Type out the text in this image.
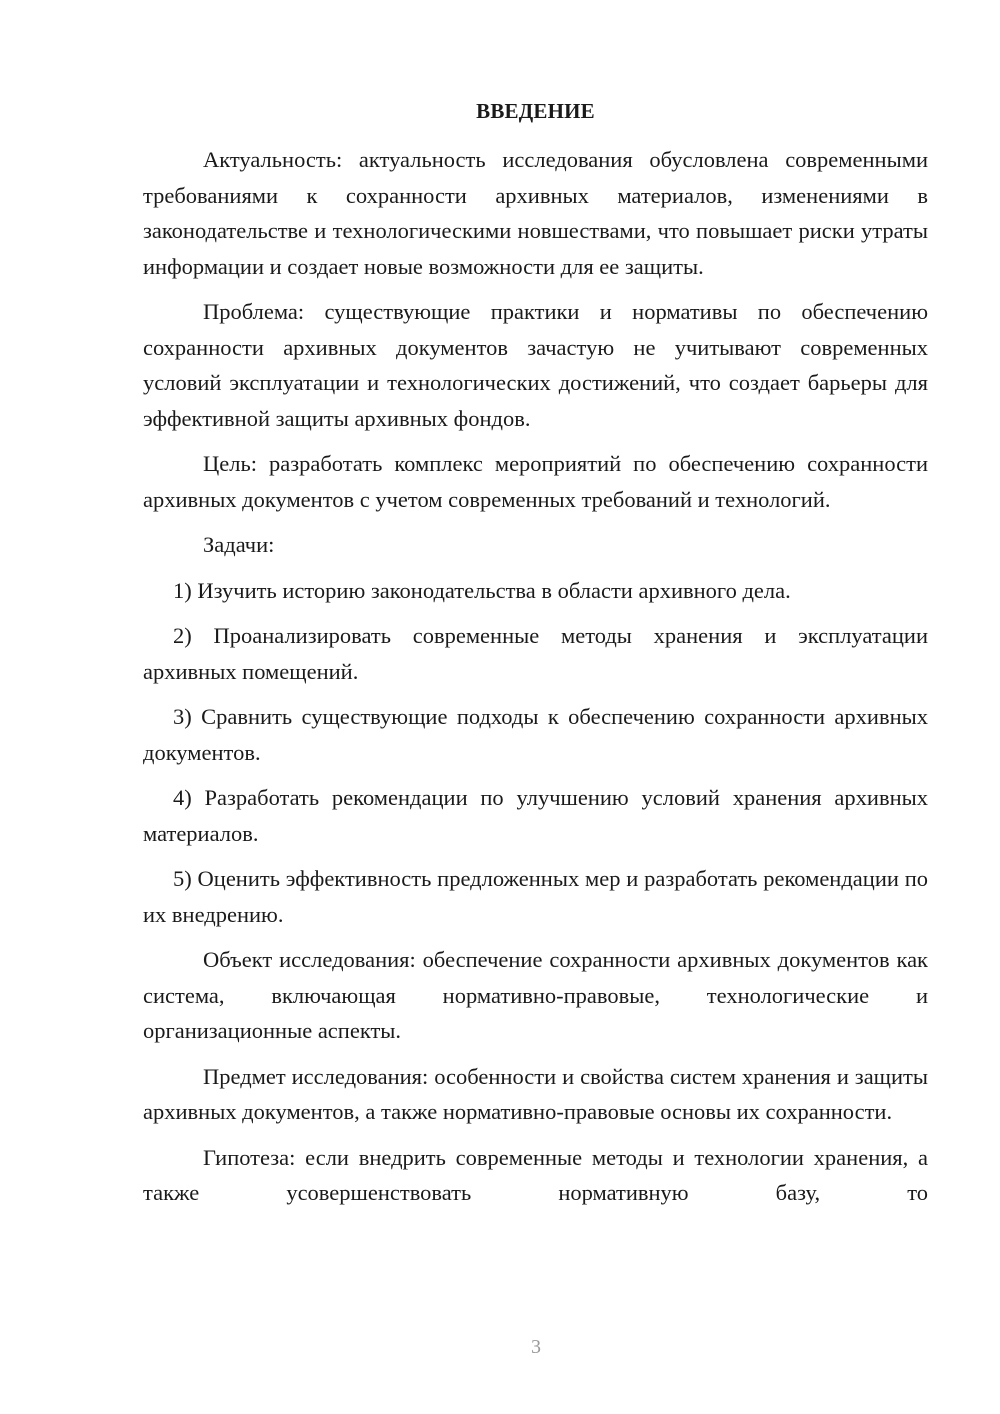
ВВЕДЕНИЕ

Актуальность: актуальность исследования обусловлена современными требованиями к сохранности архивных материалов, изменениями в законодательстве и технологическими новшествами, что повышает риски утраты информации и создает новые возможности для ее защиты.

Проблема: существующие практики и нормативы по обеспечению сохранности архивных документов зачастую не учитывают современных условий эксплуатации и технологических достижений, что создает барьеры для эффективной защиты архивных фондов.

Цель: разработать комплекс мероприятий по обеспечению сохранности архивных документов с учетом современных требований и технологий.

Задачи:

1) Изучить историю законодательства в области архивного дела.

2) Проанализировать современные методы хранения и эксплуатации архивных помещений.

3) Сравнить существующие подходы к обеспечению сохранности архивных документов.

4) Разработать рекомендации по улучшению условий хранения архивных материалов.

5) Оценить эффективность предложенных мер и разработать рекомендации по их внедрению.

Объект исследования: обеспечение сохранности архивных документов как система, включающая нормативно-правовые, технологические и организационные аспекты.

Предмет исследования: особенности и свойства систем хранения и защиты архивных документов, а также нормативно-правовые основы их сохранности.

Гипотеза: если внедрить современные методы и технологии хранения, а также усовершенствовать нормативную базу, то

3
